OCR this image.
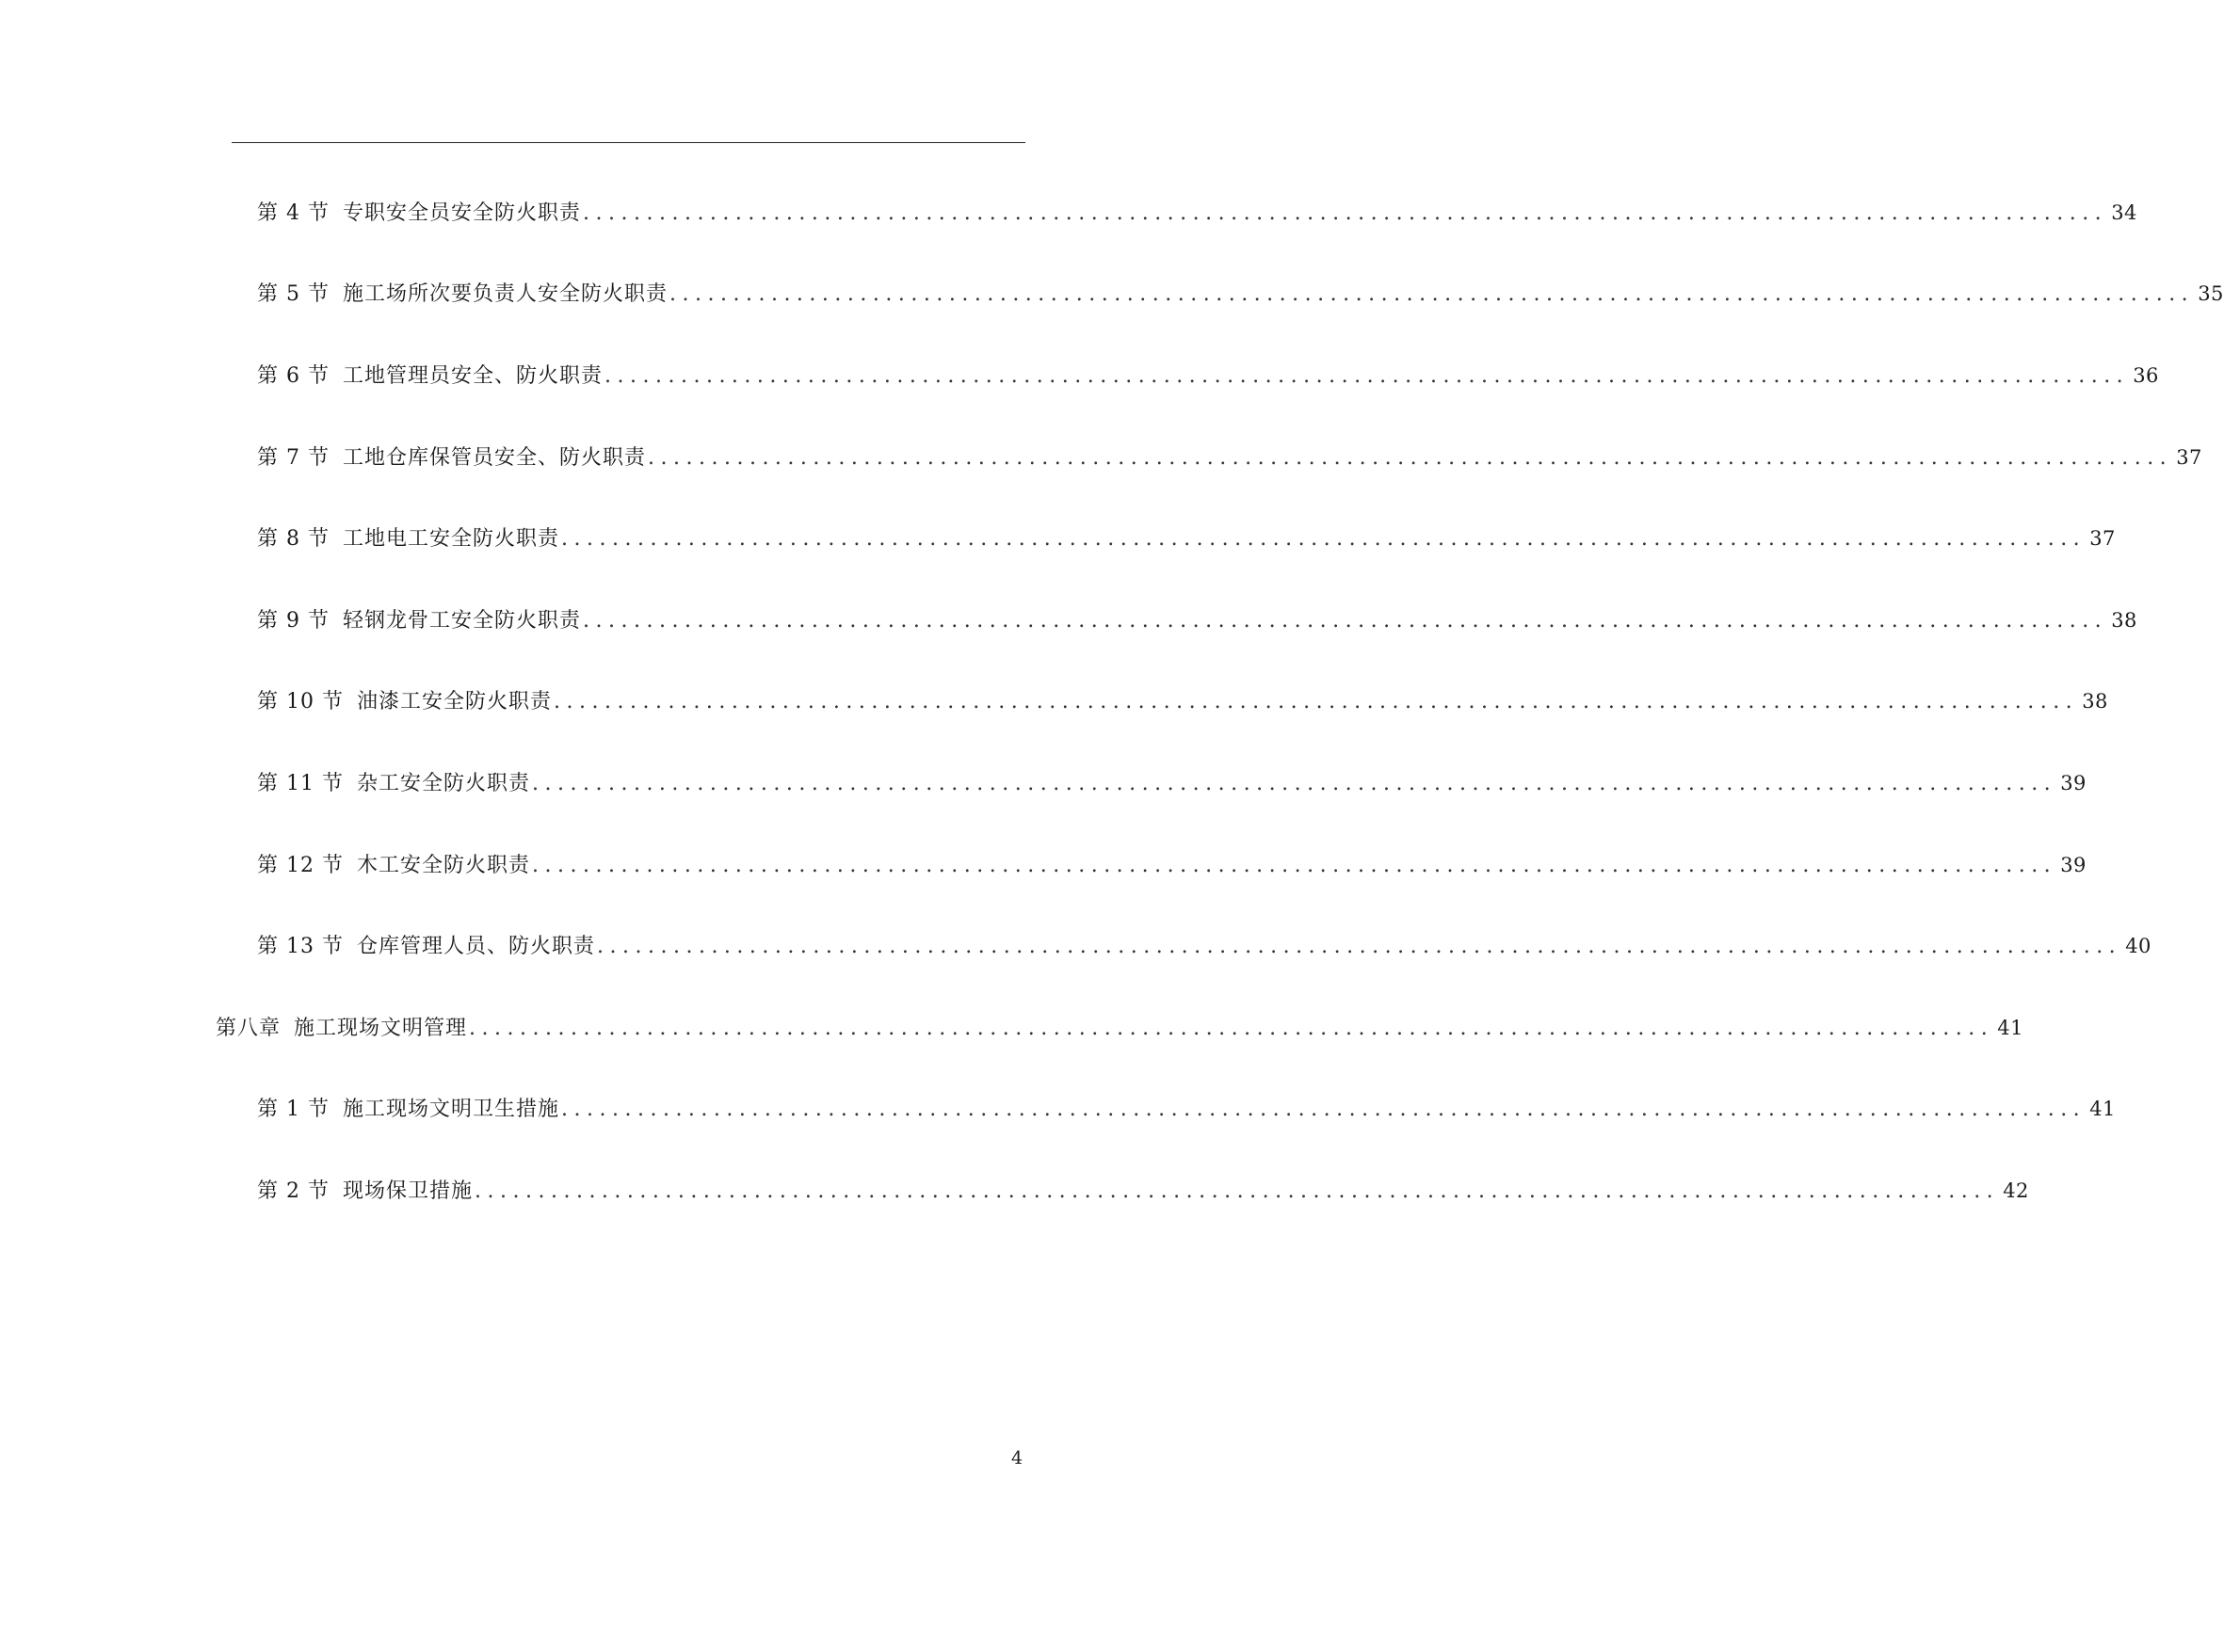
第 4 节 专职安全员安全防火职责 ........................................................................................................................ 34
第 5 节 施工场所次要负责人安全防火职责 ........................................................................................................................ 35
第 6 节 工地管理员安全、防火职责 ........................................................................................................................ 36
第 7 节 工地仓库保管员安全、防火职责 ........................................................................................................................ 37
第 8 节 工地电工安全防火职责 ........................................................................................................................ 37
第 9 节 轻钢龙骨工安全防火职责 ........................................................................................................................ 38
第 10 节 油漆工安全防火职责 ........................................................................................................................ 38
第 11 节 杂工安全防火职责 ........................................................................................................................ 39
第 12 节 木工安全防火职责 ........................................................................................................................ 39
第 13 节 仓库管理人员、防火职责 ........................................................................................................................ 40
第八章 施工现场文明管理 ........................................................................................................................ 41
第 1 节 施工现场文明卫生措施 ........................................................................................................................ 41
第 2 节 现场保卫措施 ........................................................................................................................ 42
4
